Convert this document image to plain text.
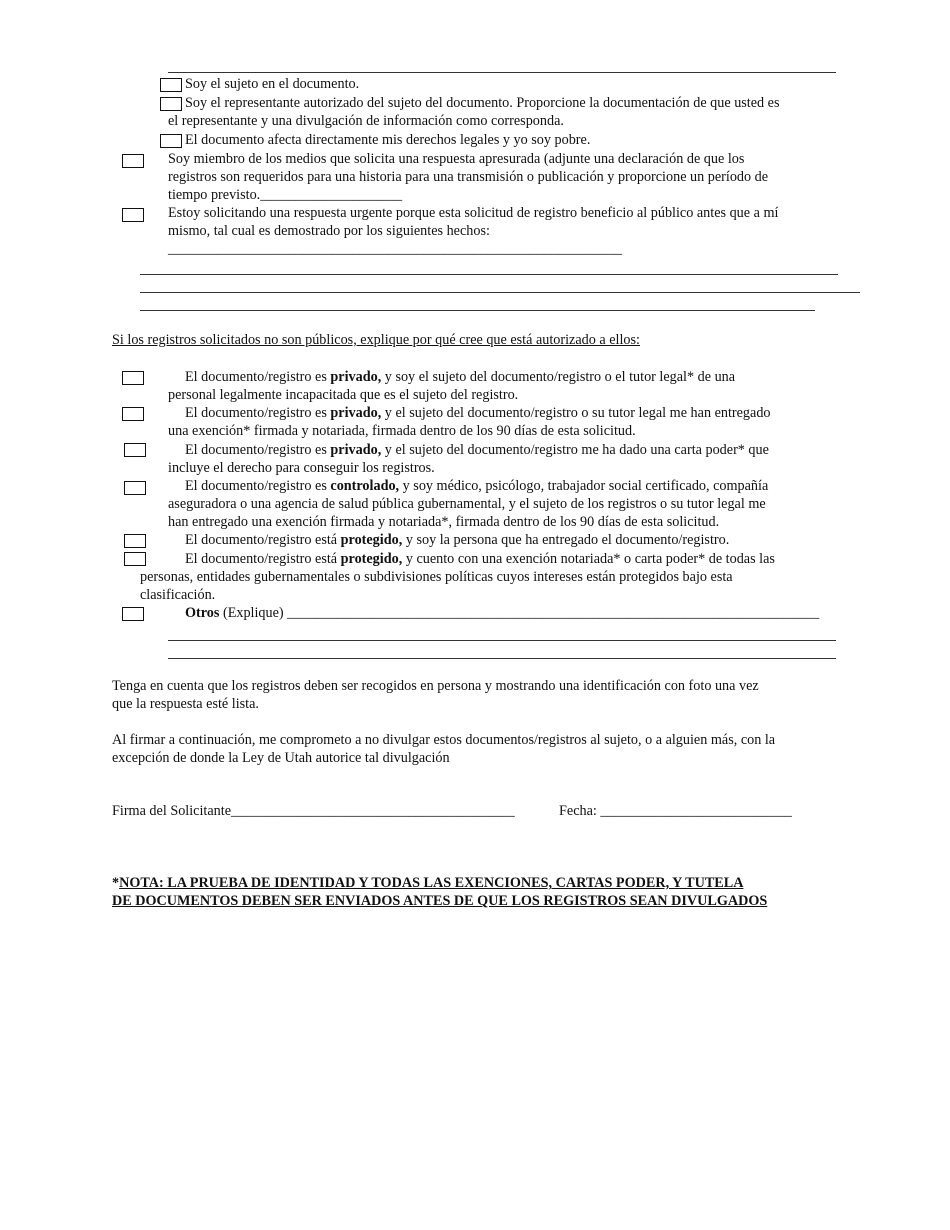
Soy el sujeto en el documento.
Soy el representante autorizado del sujeto del documento. Proporcione la documentación de que usted es
el representante y una divulgación de información como corresponda.
El documento afecta directamente mis derechos legales y yo soy pobre.
Soy miembro de los medios que solicita una respuesta apresurada (adjunte una declaración de que los
registros son requeridos para una historia para una transmisión o publicación y proporcione un período de
tiempo previsto.____________________
Estoy solicitando una respuesta urgente porque esta solicitud de registro beneficio al público antes que a mí
mismo, tal cual es demostrado por los siguientes hechos:
________________________________________________________________
Si los registros solicitados no son públicos, explique por qué cree que está autorizado a ellos:
El documento/registro es privado, y soy el sujeto del documento/registro o el tutor legal* de una
personal legalmente incapacitada que es el sujeto del registro.
El documento/registro es privado, y el sujeto del documento/registro o su tutor legal me han entregado
una exención* firmada y notariada, firmada dentro de los 90 días de esta solicitud.
El documento/registro es privado, y el sujeto del documento/registro me ha dado una carta poder* que
incluye el derecho para conseguir los registros.
El documento/registro es controlado, y soy médico, psicólogo, trabajador social certificado, compañía
aseguradora o una agencia de salud pública gubernamental, y el sujeto de los registros o su tutor legal me
han entregado una exención firmada y notariada*, firmada dentro de los 90 días de esta solicitud.
El documento/registro está protegido, y soy la persona que ha entregado el documento/registro.
El documento/registro está protegido, y cuento con una exención notariada* o carta poder* de todas las
personas, entidades gubernamentales o subdivisiones políticas cuyos intereses están protegidos bajo esta
clasificación.
Otros (Explique) ___________________________________________________________________________
Tenga en cuenta que los registros deben ser recogidos en persona y mostrando una identificación con foto una vez
que la respuesta esté lista.
Al firmar a continuación, me comprometo a no divulgar estos documentos/registros al sujeto, o a alguien más, con la
excepción de donde la Ley de Utah autorice tal divulgación
Firma del Solicitante________________________________________	Fecha: ___________________________
*NOTA: LA PRUEBA DE IDENTIDAD Y TODAS LAS EXENCIONES, CARTAS PODER, Y TUTELA
DE DOCUMENTOS DEBEN SER ENVIADOS ANTES DE QUE LOS REGISTROS SEAN DIVULGADOS
